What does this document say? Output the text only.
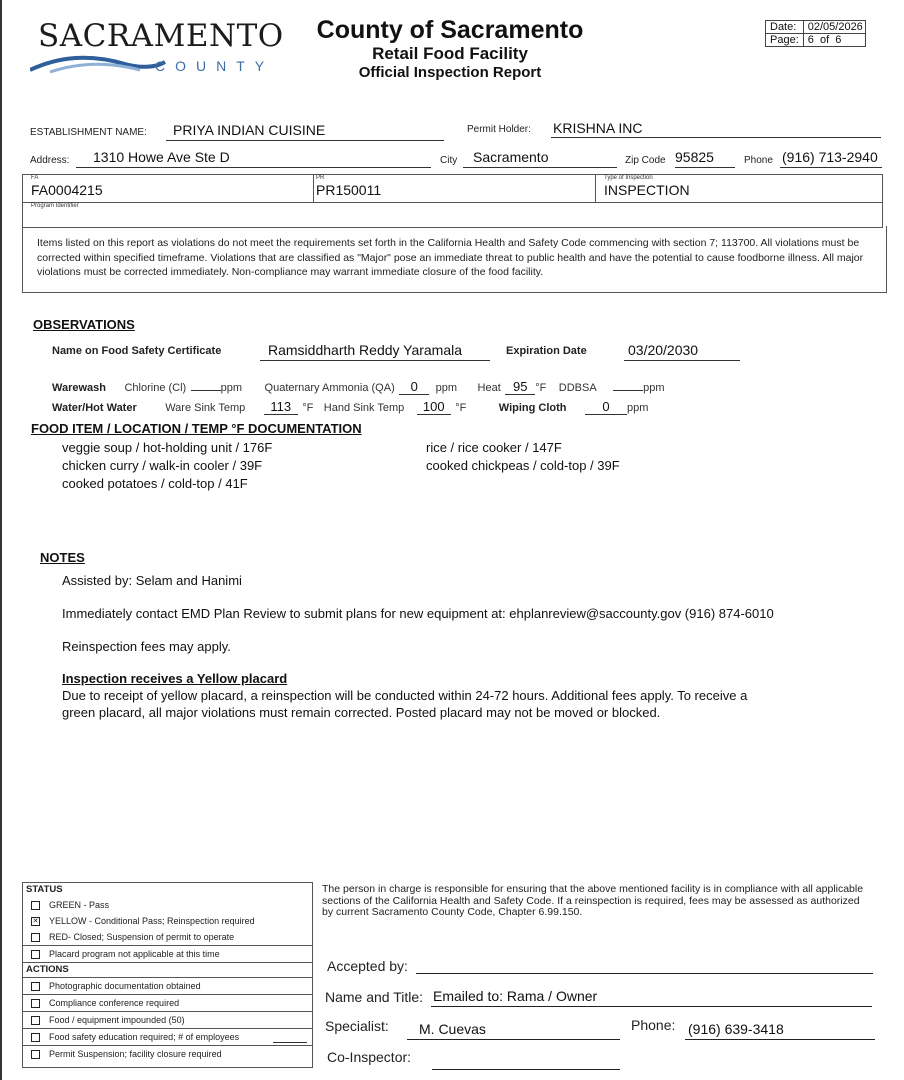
SACRAMENTO
COUNTY
County of Sacramento
Retail Food Facility
Official Inspection Report
Date:	02/05/2026
Page:	6  of  6
ESTABLISHMENT NAME:	PRIYA INDIAN CUISINE	Permit Holder: KRISHNA INC
Address:	1310 Howe Ave Ste D	City	Sacramento	Zip Code 95825	Phone (916) 713-2940
FA
FA0004215
PR
PR150011
Type of Inspection
INSPECTION
Program Identifier
Items listed on this report as violations do not meet the requirements set forth in the California Health and Safety Code commencing with section 7; 113700. All violations must be corrected within specified timeframe. Violations that are classified as "Major" pose an immediate threat to public health and have the potential to cause foodborne illness. All major violations must be corrected immediately. Non-compliance may warrant immediate closure of the food facility.
OBSERVATIONS
Name on Food Safety Certificate	Ramsiddharth Reddy Yaramala	Expiration Date	03/20/2030
Warewash Chlorine (Cl)	ppm Quaternary Ammonia (QA) 0 ppm Heat 95 °F DDBSA	ppm
Water/Hot Water	Ware Sink Temp 113 °F Hand Sink Temp 100 °F	Wiping Cloth	0 ppm
FOOD ITEM / LOCATION / TEMP °F DOCUMENTATION
veggie soup / hot-holding unit / 176F
chicken curry / walk-in cooler / 39F
cooked potatoes / cold-top / 41F
rice / rice cooker / 147F
cooked chickpeas / cold-top / 39F
NOTES
Assisted by: Selam and Hanimi
Immediately contact EMD Plan Review to submit plans for new equipment at: ehplanreview@saccounty.gov (916) 874-6010
Reinspection fees may apply.
Inspection receives a Yellow placard
Due to receipt of yellow placard, a reinspection will be conducted within 24-72 hours. Additional fees apply. To receive a
green placard, all major violations must remain corrected. Posted placard may not be moved or blocked.
STATUS
GREEN - Pass
✕ YELLOW - Conditional Pass; Reinspection required
RED- Closed; Suspension of permit to operate
Placard program not applicable at this time
ACTIONS
Photographic documentation obtained
Compliance conference required
Food / equipment impounded (50)
Food safety education required; # of employees
Permit Suspension; facility closure required
The person in charge is responsible for ensuring that the above mentioned facility is in compliance with all applicable sections of the California Health and Safety Code. If a reinspection is required, fees may be assessed as authorized by current Sacramento County Code, Chapter 6.99.150.
Accepted by:
Name and Title: Emailed to: Rama / Owner
Specialist:	M. Cuevas	Phone: (916) 639-3418
Co-Inspector:
